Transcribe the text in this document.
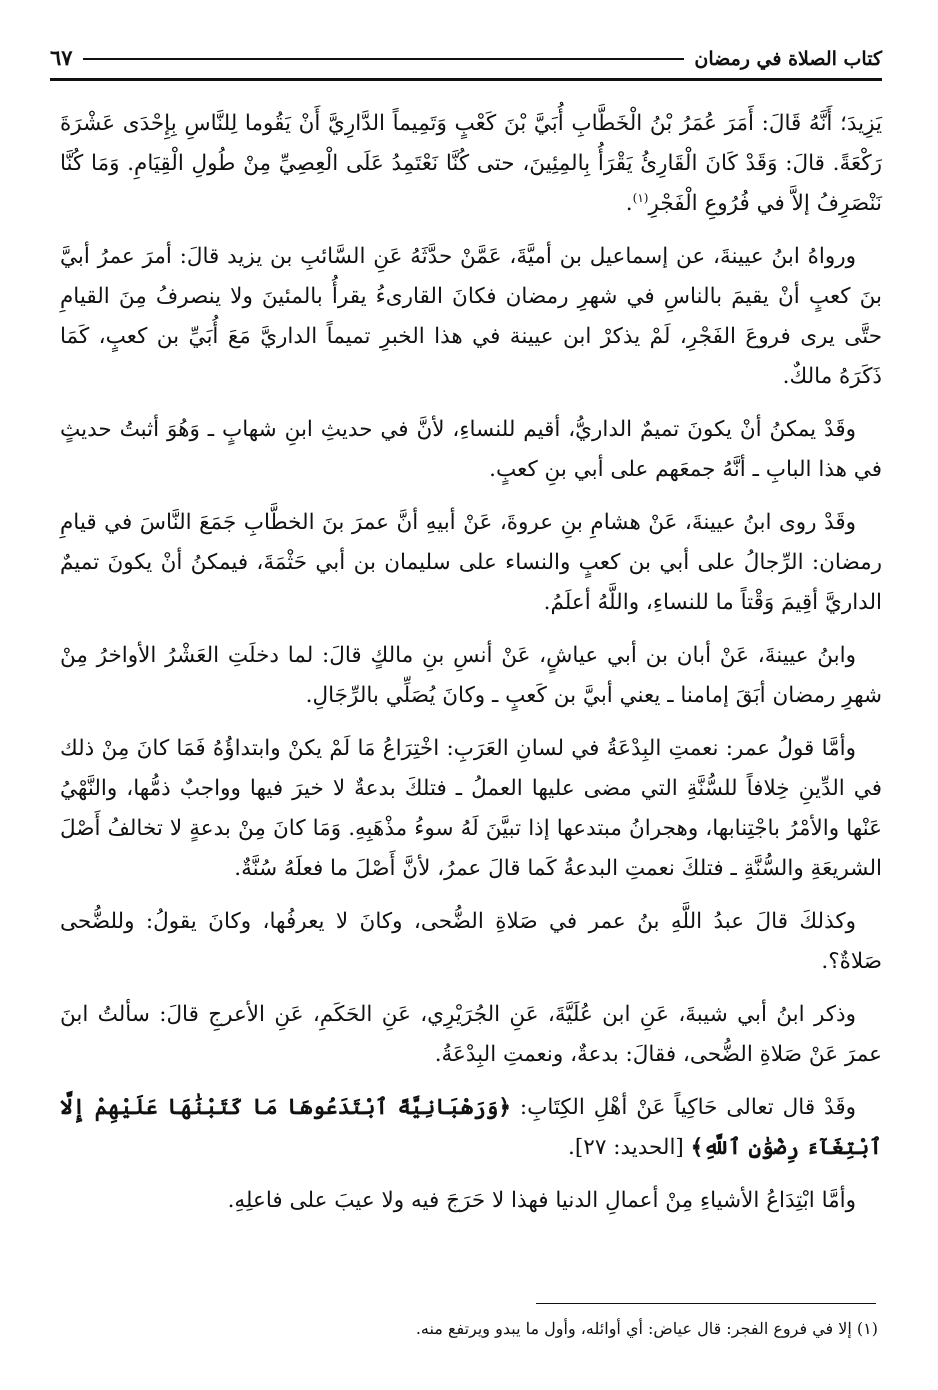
كتاب الصلاة في رمضان
٦٧

يَزِيدَ؛ أَنَّهُ قَالَ: أَمَرَ عُمَرُ بْنُ الْخَطَّابِ أُبَيَّ بْنَ كَعْبٍ وَتَمِيماً الدَّارِيَّ أَنْ يَقُوما لِلنَّاسِ بِإِحْدَى عَشْرَةَ رَكْعَةً. قالَ: وَقَدْ كَانَ الْقَارِئُ يَقْرَأُ بِالمِئِينَ، حتى كُنَّا نَعْتَمِدُ عَلَى الْعِصِيِّ مِنْ طُولِ الْقِيَامِ. وَمَا كُنَّا نَنْصَرِفُ إلاَّ في فُرُوعِ الْفَجْرِ$^{(١)}$.

ورواهُ ابنُ عيينةَ، عن إسماعيل بن أميَّةَ، عَمَّنْ حدَّثَهُ عَنِ السَّائبِ بن يزيد قالَ: أمرَ عمرُ أبيَّ بنَ كعبٍ أنْ يقيمَ بالناسِ في شهرِ رمضان فكانَ القارىءُ يقرأُ بالمئينَ ولا ينصرفُ مِنَ القيامِ حتَّى يرى فروعَ الفَجْرِ، لَمْ يذكرْ ابن عيينة في هذا الخبرِ تميماً الداريَّ مَعَ أُبَيِّ بن كعبٍ، كَمَا ذَكَرَهُ مالكٌ.

وقَدْ يمكنُ أنْ يكونَ تميمٌ الداريُّ، أقيم للنساءِ، لأنَّ في حديثِ ابنِ شهابٍ ـ وَهُوَ أثبتُ حديثٍ في هذا البابِ ـ أنَّهُ جمعَهم على أبي بنِ كعبٍ.

وقَدْ روى ابنُ عيينةَ، عَنْ هشامِ بنِ عروةَ، عَنْ أبيهِ أنَّ عمرَ بنَ الخطَّابِ جَمَعَ النَّاسَ في قيامِ رمضان: الرِّجالُ على أبي بن كعبٍ والنساء على سليمان بن أبي حَثْمَةَ، فيمكنُ أنْ يكونَ تميمٌ الداريَّ أقِيمَ وَقْتاً ما للنساءِ، واللَّهُ أعلَمُ.

وابنُ عيينةَ، عَنْ أبان بن أبي عياشٍ، عَنْ أنسِ بنِ مالكٍ قالَ: لما دخلَتِ العَشْرُ الأواخرُ مِنْ شهرِ رمضان أبَقَ إمامنا ـ يعني أبيَّ بن كَعبٍ ـ وكانَ يُصَلِّي بالرِّجَالِ.

وأمَّا قولُ عمر: نعمتِ البِدْعَةُ في لسانِ العَرَبِ: اخْتِرَاعُ مَا لَمْ يكنْ وابتداؤُهُ فَمَا كانَ مِنْ ذلك في الدِّينِ خِلافاً للسُّنَّةِ التي مضى عليها العملُ ـ فتلكَ بدعةٌ لا خيرَ فيها وواجبٌ ذمُّها، والنَّهْيُ عَنْها والأمْرُ باجْتِنابها، وهجرانُ مبتدعها إذا تبيَّنَ لَهُ سوءُ مذْهَبِهِ. وَمَا كانَ مِنْ بدعةٍ لا تخالفُ أَصْلَ الشريعَةِ والسُّنَّةِ ـ فتلكَ نعمتِ البدعةُ كَما قالَ عمرُ، لأنَّ أَصْلَ ما فعلَهُ سُنَّةٌ.

وكذلكَ قالَ عبدُ اللَّهِ بنُ عمر في صَلاةِ الضُّحى، وكانَ لا يعرفُها، وكانَ يقولُ: وللضُّحى صَلاةٌ؟.

وذكر ابنُ أبي شيبةَ، عَنِ ابن عُلَيَّةَ، عَنِ الجُرَيْرِي، عَنِ الحَكَمِ، عَنِ الأعرجِ قالَ: سألتُ ابنَ عمرَ عَنْ صَلاةِ الضُّحى، فقالَ: بدعةٌ، ونعمتِ البِدْعَةُ.

وقَدْ قال تعالى حَاكِياً عَنْ أهْلِ الكِتَابِ: ﴿وَرَهْبَانِيَّةً ٱبْتَدَعُوهَا مَا كَتَبْنَٰهَا عَلَيْهِمْ إِلَّا ٱبْتِغَآءَ رِضْوَٰنِ ٱللَّهِ﴾ [الحديد: ٢٧].

وأمَّا ابْتِدَاعُ الأشياءِ مِنْ أعمالِ الدنيا فهذا لا حَرَجَ فيه ولا عيبَ على فاعلِهِ.

(١) إلا في فروع الفجر: قال عياض: أي أوائله، وأول ما يبدو ويرتفع منه.
